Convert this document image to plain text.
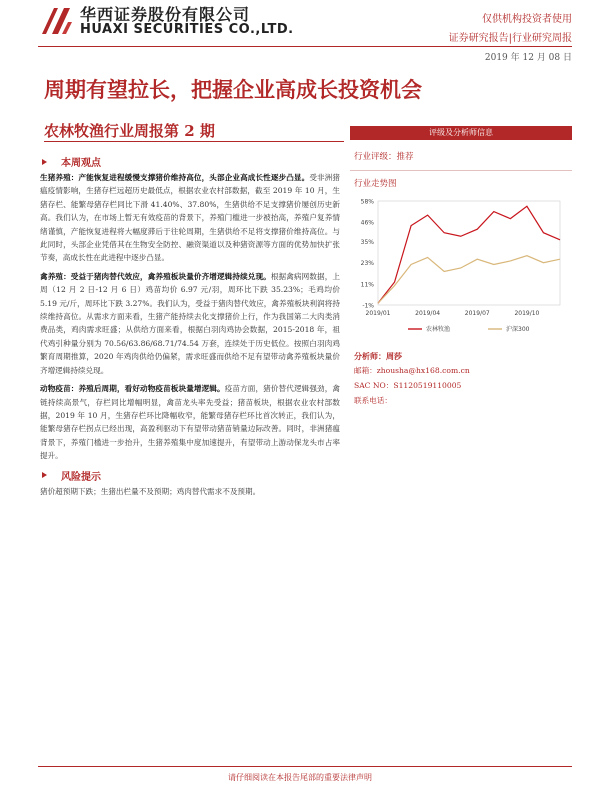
华西证券股份有限公司
HUAXI SECURITIES CO.,LTD.
仅供机构投资者使用
证券研究报告|行业研究周报
2019 年 12 月 08 日
周期有望拉长，把握企业高成长投资机会
农林牧渔行业周报第 2 期
本周观点

生猪养殖：产能恢复进程缓慢支撑猪价维持高位，头部企业高成长性逐步凸显。受非洲猪瘟疫情影响，生猪存栏远超历史最低点，根据农业农村部数据，截至 2019 年 10 月，生猪存栏、能繁母猪存栏同比下滑 41.40%、37.80%，生猪供给不足支撑猪价屡创历史新高。我们认为，在市场上暂无有效疫苗的背景下，养殖门槛进一步被抬高，养殖户复养情绪谨慎，产能恢复进程将大幅度滞后于往轮周期，生猪供给不足将支撑猪价维持高位。与此同时，头部企业凭借其在生物安全防控、融资渠道以及种猪资源等方面的优势加快扩张节奏，高成长性在此进程中逐步凸显。

禽养殖：受益于猪肉替代效应，禽养殖板块量价齐增逻辑持续兑现。根据禽病网数据，上周（12 月 2 日-12 月 6 日）鸡苗均价 6.97 元/羽，周环比下跌 35.23%；毛鸡均价 5.19 元/斤，周环比下跌 3.27%。我们认为，受益于猪肉替代效应，禽养殖板块利润将持续维持高位。从需求方面来看，生猪产能持续去化支撑猪价上行，作为我国第二大肉类消费品类，鸡肉需求旺盛；从供给方面来看，根据白羽肉鸡协会数据，2015-2018 年，祖代鸡引种量分别为 70.56/63.86/68.71/74.54 万套，连续处于历史低位。按照白羽肉鸡繁育周期推算，2020 年鸡肉供给仍偏紧，需求旺盛而供给不足有望带动禽养殖板块量价齐增逻辑持续兑现。

动物疫苗：养殖后周期，看好动物疫苗板块量增逻辑。疫苗方面，猪价替代逻辑强劲，禽链持续高景气，存栏同比增幅明显，禽苗龙头率先受益；猪苗板块，根据农业农村部数据，2019 年 10 月，生猪存栏环比降幅收窄，能繁母猪存栏环比首次转正，我们认为，能繁母猪存栏拐点已经出现，高盈利驱动下有望带动猪苗销量边际改善。同时，非洲猪瘟背景下，养殖门槛进一步抬升，生猪养殖集中度加速提升，有望带动上游动保龙头市占率提升。

风险提示

猪价超预期下跌；生猪出栏量不及预期；鸡肉替代需求不及预期。

评级及分析师信息
行业评级：推荐
行业走势图
58%
46%
35%
23%
11%
-1%
2019/01	2019/04	2019/07	2019/10
农林牧渔	沪深300
分析师：周莎
邮箱：zhousha@hx168.com.cn
SAC NO：S1120519110005
联系电话：
请仔细阅读在本报告尾部的重要法律声明
